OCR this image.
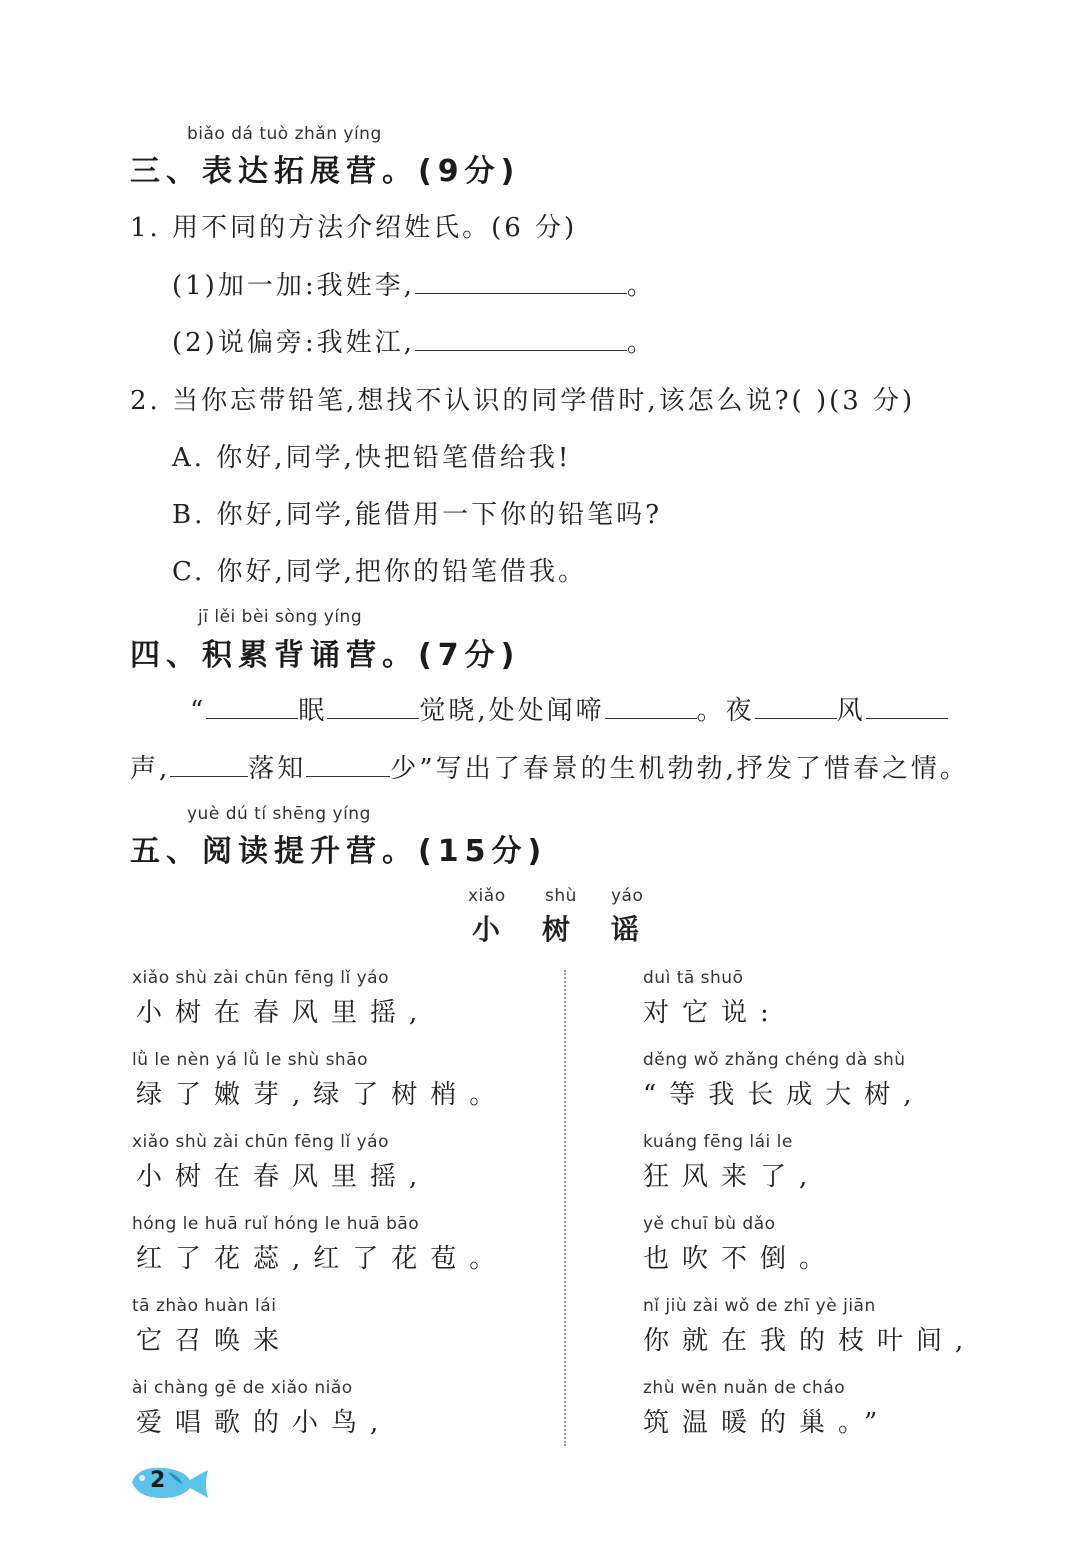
biǎo dá tuò zhǎn yíng
三、表达拓展营。(9分)
1. 用不同的方法介绍姓氏。(6 分)
(1)加一加:我姓李,	。
(2)说偏旁:我姓江,	。
2. 当你忘带铅笔,想找不认识的同学借时,该怎么说?( )(3 分)
A. 你好,同学,快把铅笔借给我!
B. 你好,同学,能借用一下你的铅笔吗?
C. 你好,同学,把你的铅笔借我。
jī lěi bèi sòng yíng
四、积累背诵营。(7分)
“	眠	觉晓,处处闻啼	。夜	风
声,	落知	少”写出了春景的生机勃勃,抒发了惜春之情。
yuè dú tí shēng yíng
五、阅读提升营。(15分)
xiǎo shù yáo
小 树 谣
xiǎo shù zài chūn fēng lǐ yáo
小树在春风里摇,
lǜ le nèn yá lǜ le shù shāo
绿了嫩芽,绿了树梢。
xiǎo shù zài chūn fēng lǐ yáo
小树在春风里摇,
hóng le huā ruǐ hóng le huā bāo
红了花蕊,红了花苞。
tā zhào huàn lái
它召唤来
ài chàng gē de xiǎo niǎo
爱唱歌的小鸟,
duì tā shuō
对它说:
děng wǒ zhǎng chéng dà shù
“等我长成大树,
kuáng fēng lái le
狂风来了,
yě chuī bù dǎo
也吹不倒。
nǐ jiù zài wǒ de zhī yè jiān
你就在我的枝叶间,
zhù wēn nuǎn de cháo
筑温暖的巢。”
2
